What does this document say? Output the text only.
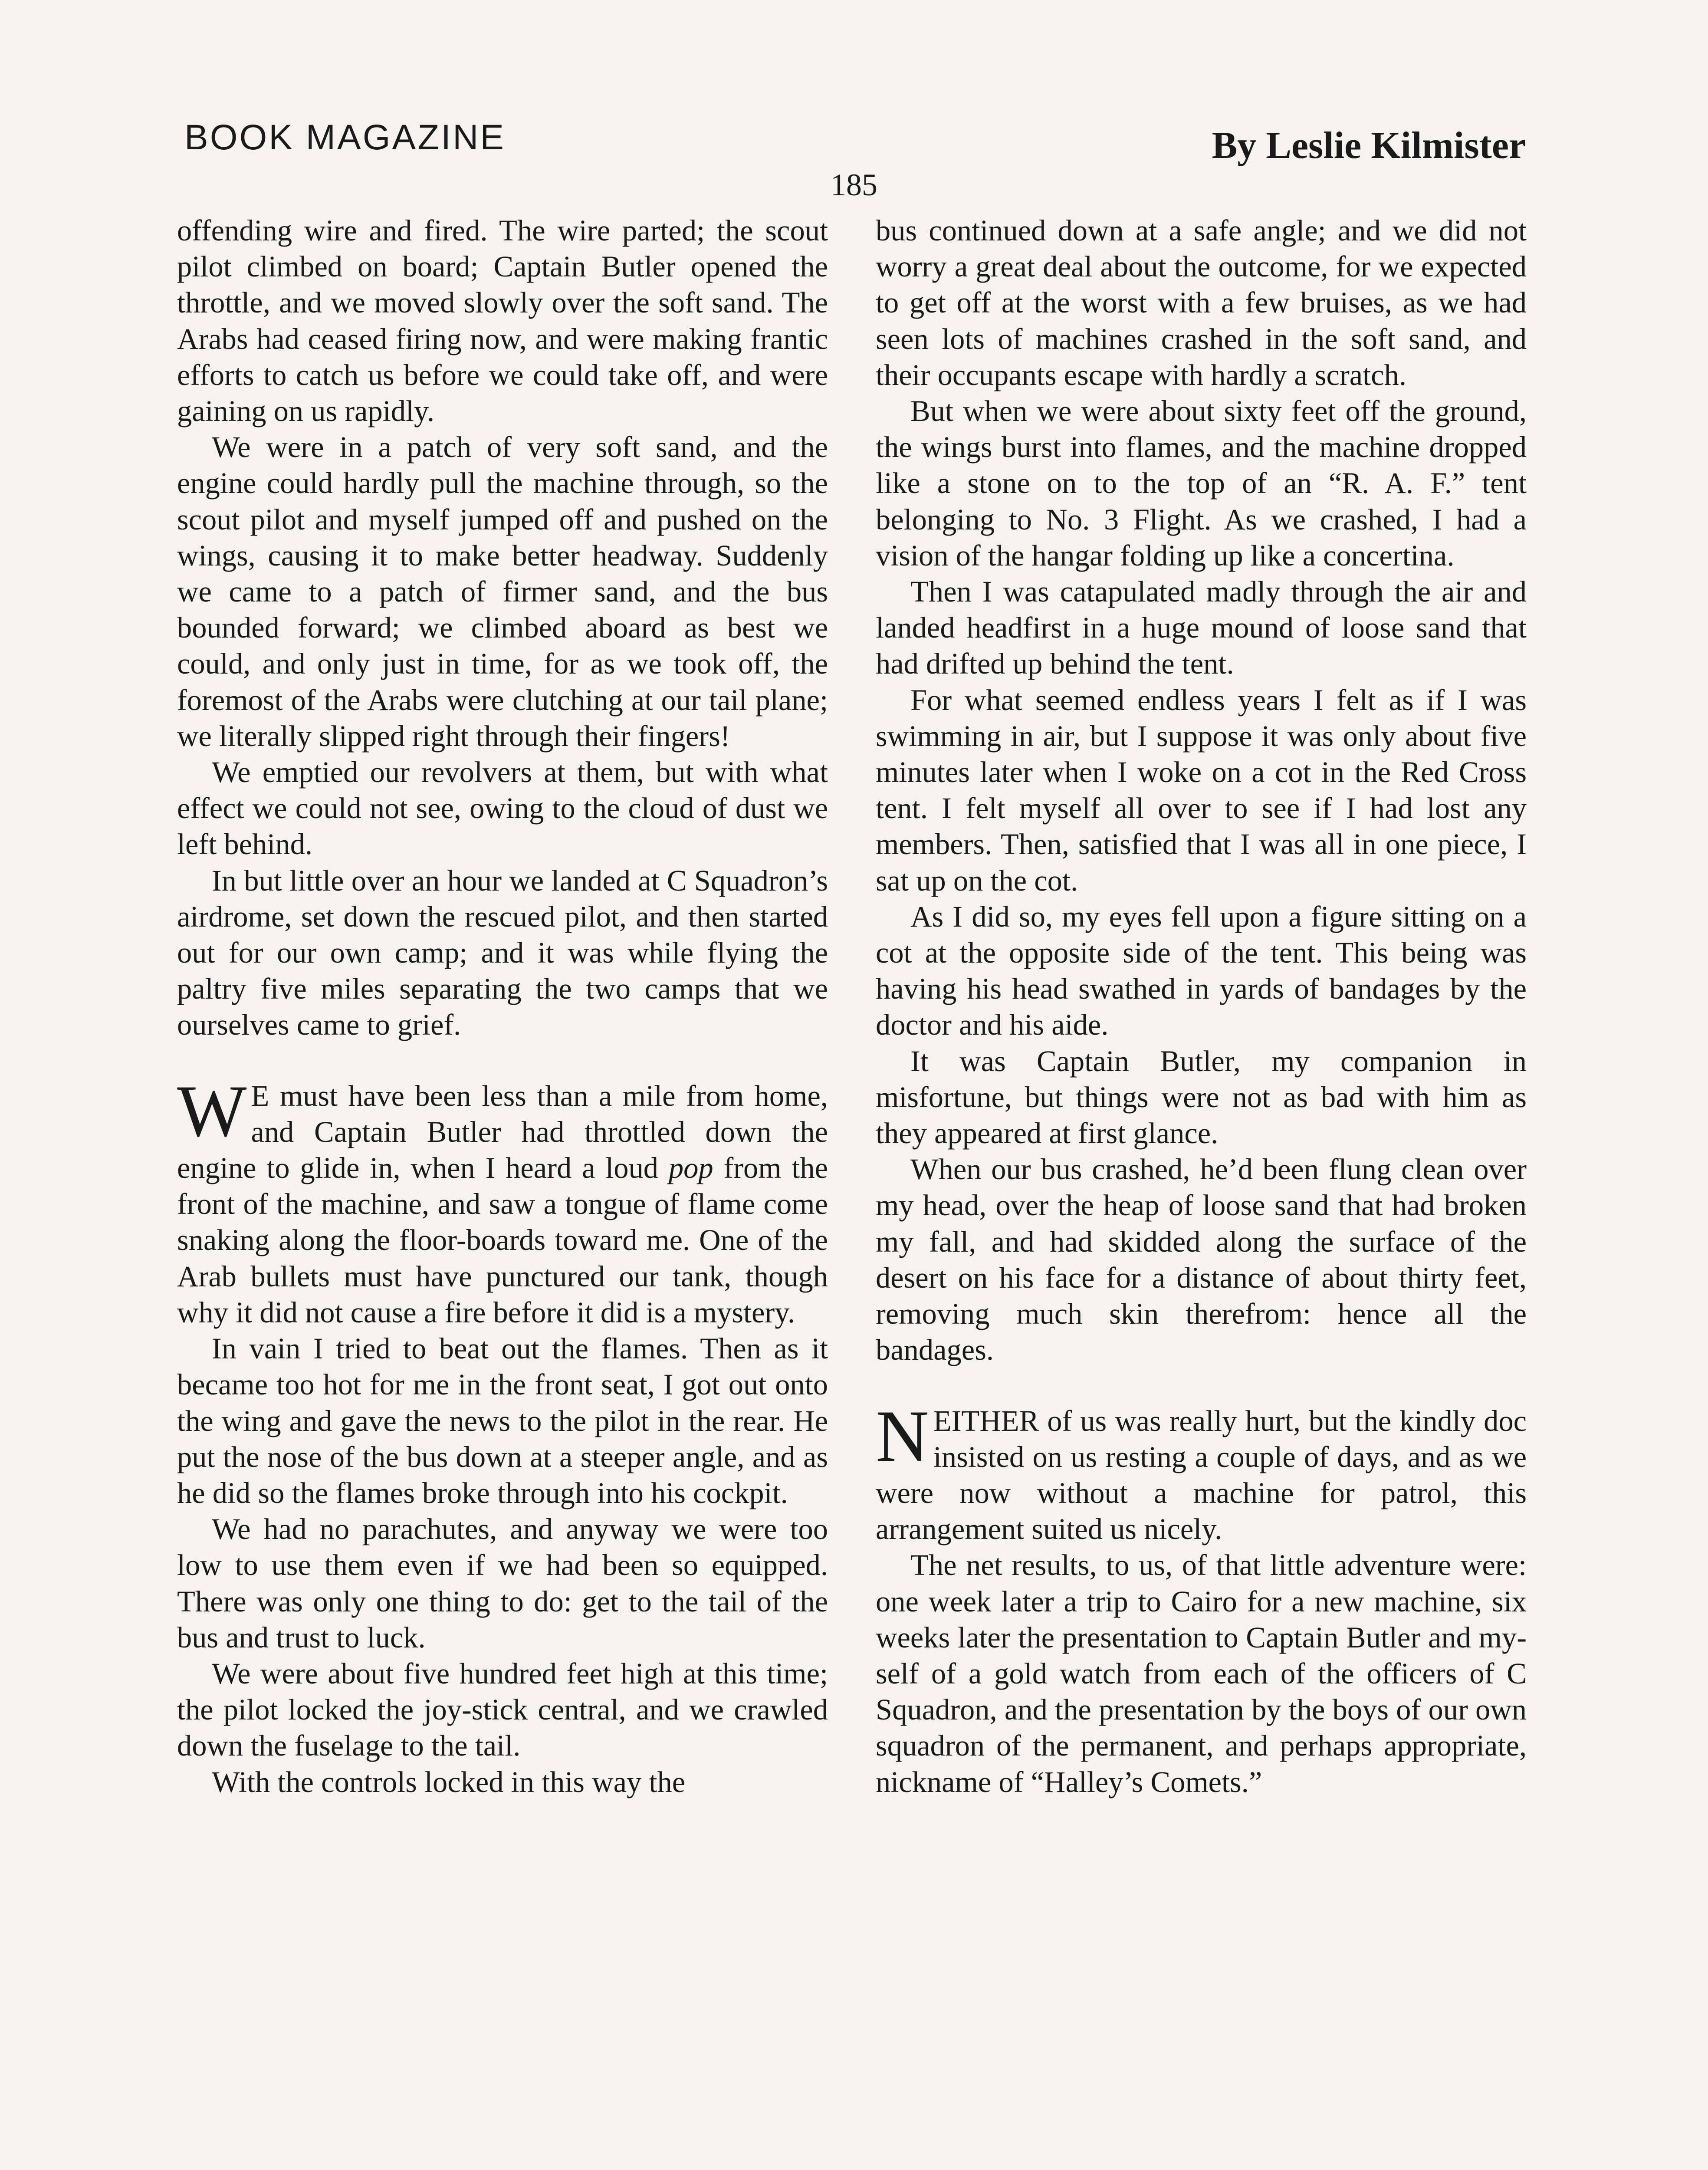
BOOK MAGAZINE	By Leslie Kilmister
185

offending wire and fired. The wire parted; the scout pilot climbed on board; Captain Butler opened the throttle, and we moved slowly over the soft sand. The Arabs had ceased firing now, and were making frantic efforts to catch us before we could take off, and were gaining on us rapidly.

We were in a patch of very soft sand, and the engine could hardly pull the machine through, so the scout pilot and myself jumped off and pushed on the wings, causing it to make better headway. Suddenly we came to a patch of firmer sand, and the bus bounded forward; we climbed aboard as best we could, and only just in time, for as we took off, the foremost of the Arabs were clutching at our tail plane; we literally slipped right through their fingers!

We emptied our revolvers at them, but with what effect we could not see, owing to the cloud of dust we left behind.

In but little over an hour we landed at C Squadron’s airdrome, set down the rescued pilot, and then started out for our own camp; and it was while flying the paltry five miles separating the two camps that we ourselves came to grief.

W E must have been less than a mile from home, and Captain Butler had throttled down the engine to glide in, when I heard a loud pop from the front of the machine, and saw a tongue of flame come snaking along the floor-boards toward me. One of the Arab bullets must have punctured our tank, though why it did not cause a fire before it did is a mystery.

In vain I tried to beat out the flames. Then as it became too hot for me in the front seat, I got out onto the wing and gave the news to the pilot in the rear. He put the nose of the bus down at a steeper angle, and as he did so the flames broke through into his cockpit.

We had no parachutes, and anyway we were too low to use them even if we had been so equipped. There was only one thing to do: get to the tail of the bus and trust to luck.

We were about five hundred feet high at this time; the pilot locked the joy-stick central, and we crawled down the fuselage to the tail.

With the controls locked in this way the

bus continued down at a safe angle; and we did not worry a great deal about the outcome, for we expected to get off at the worst with a few bruises, as we had seen lots of machines crashed in the soft sand, and their occupants escape with hardly a scratch.

But when we were about sixty feet off the ground, the wings burst into flames, and the machine dropped like a stone on to the top of an “R. A. F.” tent belonging to No. 3 Flight. As we crashed, I had a vision of the hangar folding up like a concertina.

Then I was catapulated madly through the air and landed headfirst in a huge mound of loose sand that had drifted up behind the tent.

For what seemed endless years I felt as if I was swimming in air, but I suppose it was only about five minutes later when I woke on a cot in the Red Cross tent. I felt myself all over to see if I had lost any members. Then, satisfied that I was all in one piece, I sat up on the cot.

As I did so, my eyes fell upon a figure sitting on a cot at the opposite side of the tent. This being was having his head swathed in yards of bandages by the doctor and his aide.

It was Captain Butler, my companion in misfortune, but things were not as bad with him as they appeared at first glance.

When our bus crashed, he’d been flung clean over my head, over the heap of loose sand that had broken my fall, and had skidded along the surface of the desert on his face for a distance of about thirty feet, removing much skin therefrom: hence all the bandages.

NEITHER of us was really hurt, but the kindly doc insisted on us resting a couple of days, and as we were now without a machine for patrol, this arrangement suited us nicely.

The net results, to us, of that little adventure were: one week later a trip to Cairo for a new machine, six weeks later the presentation to Captain Butler and myself of a gold watch from each of the officers of C Squadron, and the presentation by the boys of our own squadron of the permanent, and perhaps appropriate, nickname of “Halley’s Comets.”
